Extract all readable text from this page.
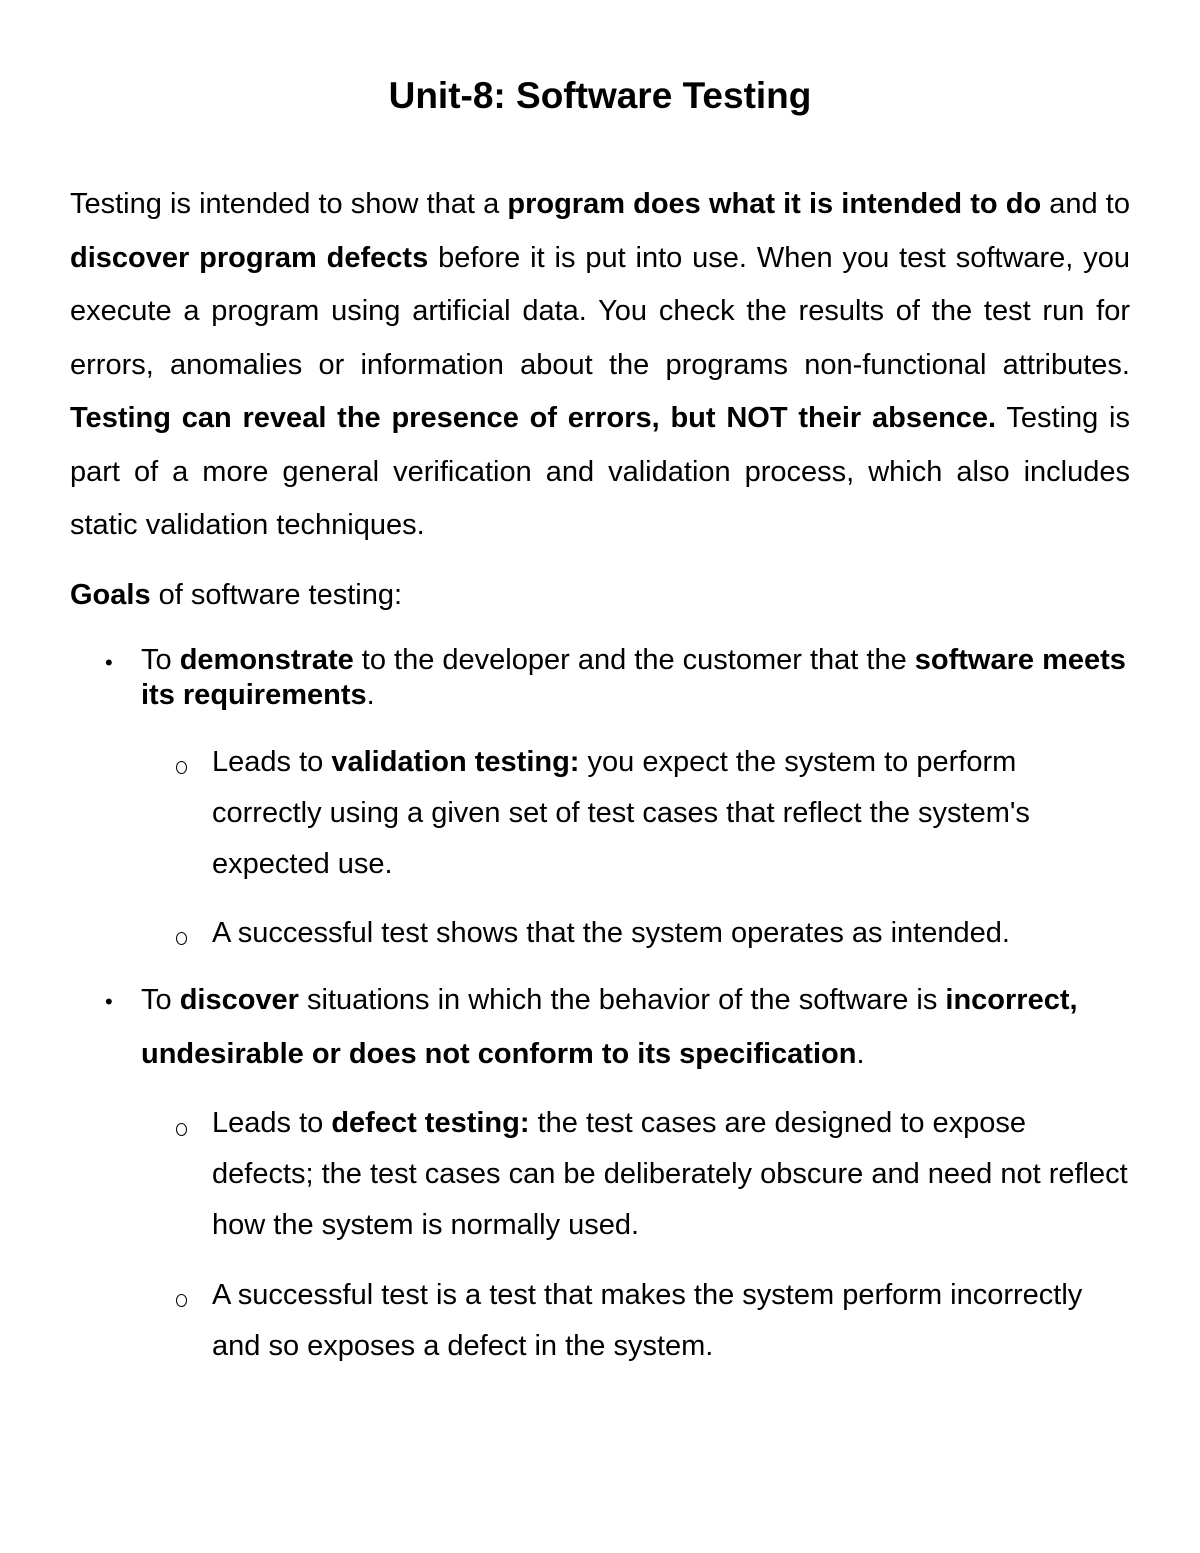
Unit-8: Software Testing

Testing is intended to show that a program does what it is intended to do and to discover program defects before it is put into use. When you test software, you execute a program using artificial data. You check the results of the test run for errors, anomalies or information about the programs non-functional attributes. Testing can reveal the presence of errors, but NOT their absence. Testing is part of a more general verification and validation process, which also includes static validation techniques.

Goals of software testing:

• To demonstrate to the developer and the customer that the software meets its requirements.

Leads to validation testing: you expect the system to perform correctly using a given set of test cases that reflect the system's expected use.

A successful test shows that the system operates as intended.

• To discover situations in which the behavior of the software is incorrect, undesirable or does not conform to its specification.

Leads to defect testing: the test cases are designed to expose defects; the test cases can be deliberately obscure and need not reflect how the system is normally used.

A successful test is a test that makes the system perform incorrectly and so exposes a defect in the system.
